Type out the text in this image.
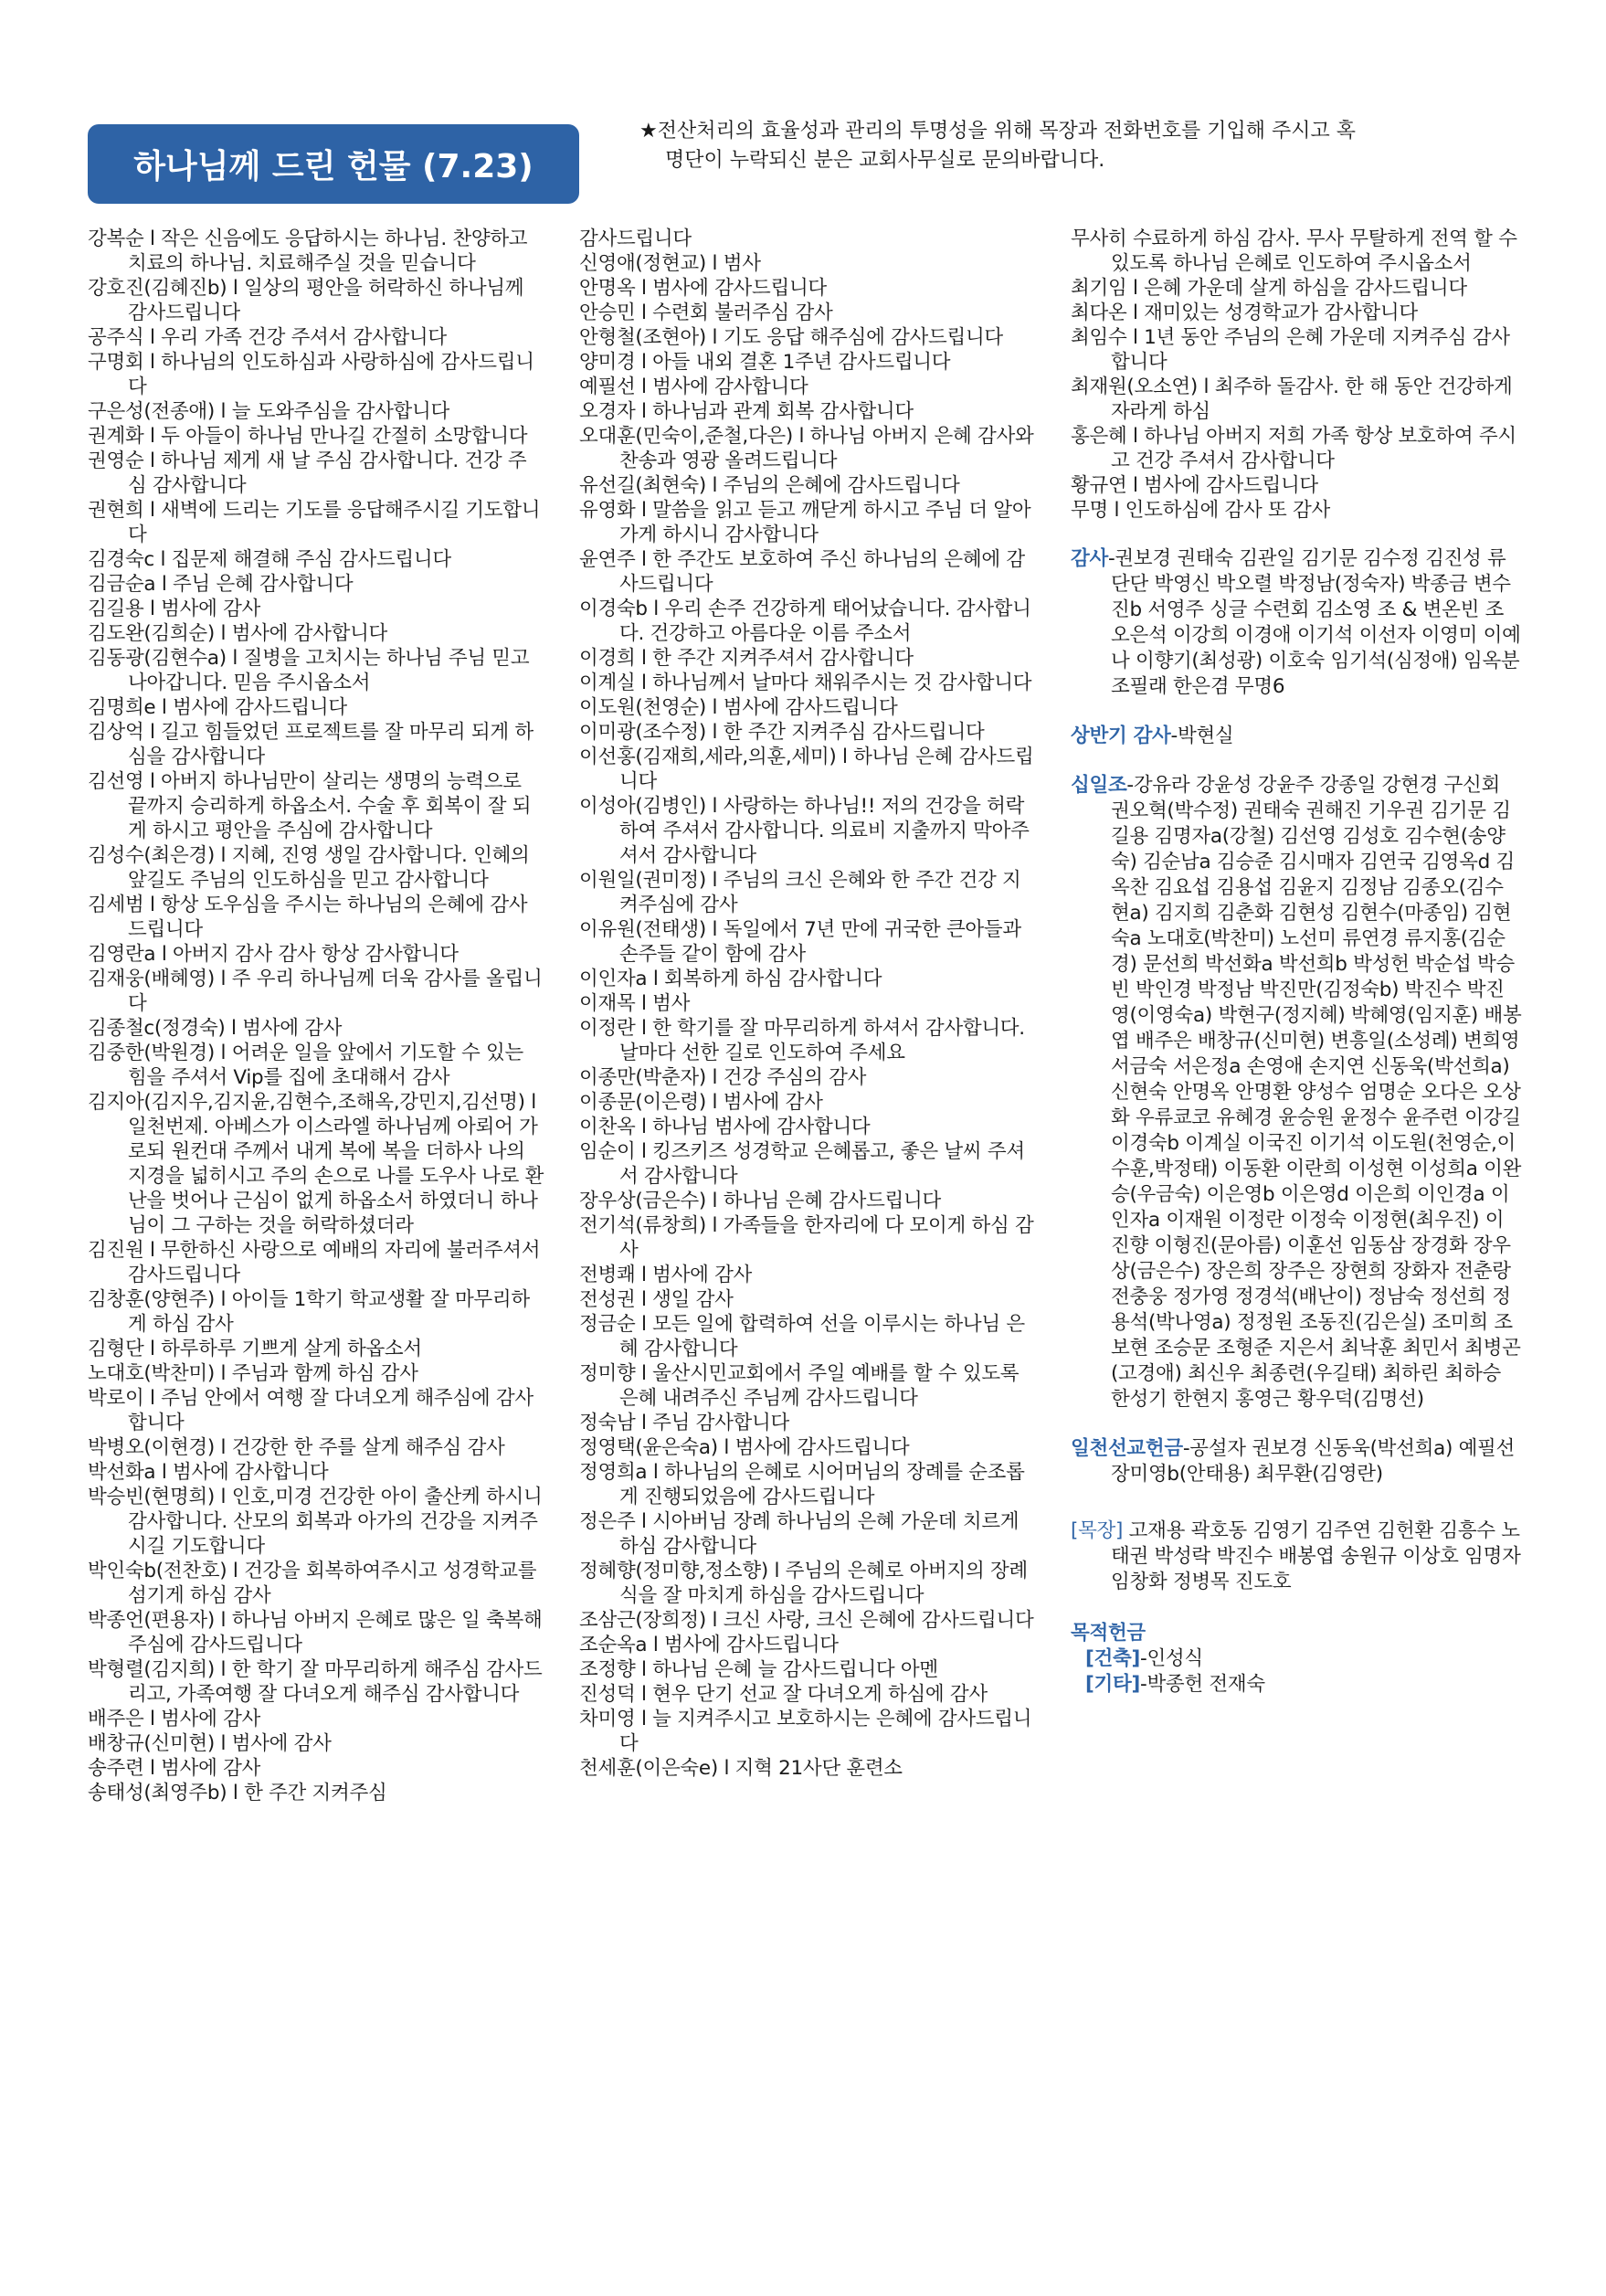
하나님께 드린 헌물 (7.23)
★전산처리의 효율성과 관리의 투명성을 위해 목장과 전화번호를 기입해 주시고 혹
명단이 누락되신 분은 교회사무실로 문의바랍니다.

강복순 l 작은 신음에도 응답하시는 하나님. 찬양하고 치료의 하나님. 치료해주실 것을 믿습니다

강호진(김혜진b) l 일상의 평안을 허락하신 하나님께 감사드립니다

공주식 l 우리 가족 건강 주셔서 감사합니다

구명회 l 하나님의 인도하심과 사랑하심에 감사드립니다

구은성(전종애) l 늘 도와주심을 감사합니다

권계화 l 두 아들이 하나님 만나길 간절히 소망합니다

권영순 l 하나님 제게 새 날 주심 감사합니다. 건강 주심 감사합니다

권현희 l 새벽에 드리는 기도를 응답해주시길 기도합니다

김경숙c l 집문제 해결해 주심 감사드립니다

김금순a l 주님 은혜 감사합니다

김길용 l 범사에 감사

김도완(김희순) l 범사에 감사합니다

김동광(김현수a) l 질병을 고치시는 하나님 주님 믿고 나아갑니다. 믿음 주시옵소서

김명희e l 범사에 감사드립니다

김상억 l 길고 힘들었던 프로젝트를 잘 마무리 되게 하심을 감사합니다

김선영 l 아버지 하나님만이 살리는 생명의 능력으로 끝까지 승리하게 하옵소서. 수술 후 회복이 잘 되게 하시고 평안을 주심에 감사합니다

김성수(최은경) l 지혜, 진영 생일 감사합니다. 인혜의 앞길도 주님의 인도하심을 믿고 감사합니다

김세범 l 항상 도우심을 주시는 하나님의 은혜에 감사드립니다

김영란a l 아버지 감사 감사 항상 감사합니다

김재웅(배혜영) l 주 우리 하나님께 더욱 감사를 올립니다

김종철c(정경숙) l 범사에 감사

김중한(박원경) l 어려운 일을 앞에서 기도할 수 있는 힘을 주셔서 Vip를 집에 초대해서 감사

김지아(김지우,김지윤,김현수,조해옥,강민지,김선명) l 일천번제. 아베스가 이스라엘 하나님께 아뢰어 가로되 원컨대 주께서 내게 복에 복을 더하사 나의 지경을 넓히시고 주의 손으로 나를 도우사 나로 환난을 벗어나 근심이 없게 하옵소서 하였더니 하나님이 그 구하는 것을 허락하셨더라

김진원 l 무한하신 사랑으로 예배의 자리에 불러주셔서 감사드립니다

김창훈(양현주) l 아이들 1학기 학교생활 잘 마무리하게 하심 감사

김형단 l 하루하루 기쁘게 살게 하옵소서

노대호(박찬미) l 주님과 함께 하심 감사

박로이 l 주님 안에서 여행 잘 다녀오게 해주심에 감사합니다

박병오(이현경) l 건강한 한 주를 살게 해주심 감사

박선화a l 범사에 감사합니다

박승빈(현명희) l 인호,미경 건강한 아이 출산케 하시니 감사합니다. 산모의 회복과 아가의 건강을 지켜주시길 기도합니다

박인숙b(전찬호) l 건강을 회복하여주시고 성경학교를 섬기게 하심 감사

박종언(편용자) l 하나님 아버지 은혜로 많은 일 축복해 주심에 감사드립니다

박형렬(김지희) l 한 학기 잘 마무리하게 해주심 감사드리고, 가족여행 잘 다녀오게 해주심 감사합니다

배주은 l 범사에 감사

배창규(신미현) l 범사에 감사

송주련 l 범사에 감사

송태성(최영주b) l 한 주간 지켜주심

감사드립니다

신영애(정현교) l 범사

안명옥 l 범사에 감사드립니다

안승민 l 수련회 불러주심 감사

안형철(조현아) l 기도 응답 해주심에 감사드립니다

양미경 l 아들 내외 결혼 1주년 감사드립니다

예필선 l 범사에 감사합니다

오경자 l 하나님과 관계 회복 감사합니다

오대훈(민숙이,준철,다은) l 하나님 아버지 은혜 감사와 찬송과 영광 올려드립니다

유선길(최현숙) l 주님의 은혜에 감사드립니다

유영화 l 말씀을 읽고 듣고 깨닫게 하시고 주님 더 알아가게 하시니 감사합니다

윤연주 l 한 주간도 보호하여 주신 하나님의 은혜에 감사드립니다

이경숙b l 우리 손주 건강하게 태어났습니다. 감사합니다. 건강하고 아름다운 이름 주소서

이경희 l 한 주간 지켜주셔서 감사합니다

이계실 l 하나님께서 날마다 채워주시는 것 감사합니다

이도원(천영순) l 범사에 감사드립니다

이미광(조수정) l 한 주간 지켜주심 감사드립니다

이선홍(김재희,세라,의훈,세미) l 하나님 은혜 감사드립니다

이성아(김병인) l 사랑하는 하나님!! 저의 건강을 허락하여 주셔서 감사합니다. 의료비 지출까지 막아주셔서 감사합니다

이원일(권미정) l 주님의 크신 은혜와 한 주간 건강 지켜주심에 감사

이유원(전태생) l 독일에서 7년 만에 귀국한 큰아들과 손주들 같이 함에 감사

이인자a l 회복하게 하심 감사합니다

이재목 l 범사

이정란 l 한 학기를 잘 마무리하게 하셔서 감사합니다. 날마다 선한 길로 인도하여 주세요

이종만(박춘자) l 건강 주심의 감사

이종문(이은령) l 범사에 감사

이찬옥 l 하나님 범사에 감사합니다

임순이 l 킹즈키즈 성경학교 은혜롭고, 좋은 날씨 주셔서 감사합니다

장우상(금은수) l 하나님 은혜 감사드립니다

전기석(류창희) l 가족들을 한자리에 다 모이게 하심 감사

전병쾌 l 범사에 감사

전성권 l 생일 감사

정금순 l 모든 일에 합력하여 선을 이루시는 하나님 은혜 감사합니다

정미향 l 울산시민교회에서 주일 예배를 할 수 있도록 은혜 내려주신 주님께 감사드립니다

정숙남 l 주님 감사합니다

정영택(윤은숙a) l 범사에 감사드립니다

정영희a l 하나님의 은혜로 시어머님의 장례를 순조롭게 진행되었음에 감사드립니다

정은주 l 시아버님 장례 하나님의 은혜 가운데 치르게 하심 감사합니다

정혜향(정미향,정소향) l 주님의 은혜로 아버지의 장례식을 잘 마치게 하심을 감사드립니다

조삼근(장희정) l 크신 사랑, 크신 은혜에 감사드립니다

조순옥a l 범사에 감사드립니다

조정향 l 하나님 은혜 늘 감사드립니다 아멘

진성덕 l 현우 단기 선교 잘 다녀오게 하심에 감사

차미영 l 늘 지켜주시고 보호하시는 은혜에 감사드립니다

천세훈(이은숙e) l 지혁 21사단 훈련소

무사히 수료하게 하심 감사. 무사 무탈하게 전역 할 수 있도록 하나님 은혜로 인도하여 주시옵소서

최기임 l 은혜 가운데 살게 하심을 감사드립니다

최다온 l 재미있는 성경학교가 감사합니다

최임수 l 1년 동안 주님의 은혜 가운데 지켜주심 감사합니다

최재원(오소연) l 최주하 돌감사. 한 해 동안 건강하게 자라게 하심

홍은혜 l 하나님 아버지 저희 가족 항상 보호하여 주시고 건강 주셔서 감사합니다

황규연 l 범사에 감사드립니다

무명 l 인도하심에 감사 또 감사

감사-권보경 권태숙 김관일 김기문 김수정 김진성 류단단 박영신 박오렬 박정남(정숙자) 박종금 변수진b 서영주 싱글 수련회 김소영 조 & 변온빈 조오은석 이강희 이경애 이기석 이선자 이영미 이예나 이향기(최성광) 이호숙 임기석(심정애) 임옥분 조필래 한은겸 무명6
상반기 감사-박현실
십일조-강유라 강윤성 강윤주 강종일 강현경 구신회 권오혁(박수정) 권태숙 권해진 기우권 김기문 김길용 김명자a(강철) 김선영 김성호 김수현(송양숙) 김순남a 김승준 김시매자 김연국 김영옥d 김옥찬 김요섭 김용섭 김윤지 김정남 김종오(김수현a) 김지희 김춘화 김현성 김현수(마종임) 김현숙a 노대호(박찬미) 노선미 류연경 류지홍(김순경) 문선희 박선화a 박선희b 박성헌 박순섭 박승빈 박인경 박정남 박진만(김정숙b) 박진수 박진영(이영숙a) 박현구(정지혜) 박혜영(임지훈) 배봉엽 배주은 배창규(신미현) 변흥일(소성례) 변희영 서금숙 서은정a 손영애 손지연 신동욱(박선희a) 신현숙 안명옥 안명환 양성수 엄명순 오다은 오상화 우류쿄코 유혜경 윤승원 윤정수 윤주련 이강길 이경숙b 이계실 이국진 이기석 이도원(천영순,이수훈,박정태) 이동환 이란희 이성현 이성희a 이완승(우금숙) 이은영b 이은영d 이은희 이인경a 이인자a 이재원 이정란 이정숙 이정현(최우진) 이진향 이형진(문아름) 이훈선 임동삼 장경화 장우상(금은수) 장은희 장주은 장현희 장화자 전춘랑 전충웅 정가영 정경석(배난이) 정남숙 정선희 정용석(박나영a) 정정원 조동진(김은실) 조미희 조보현 조승문 조형준 지은서 최낙훈 최민서 최병곤(고경애) 최신우 최종련(우길태) 최하린 최하승 한성기 한현지 홍영근 황우덕(김명선)
일천선교헌금-공설자 권보경 신동욱(박선희a) 예필선 장미영b(안태용) 최무환(김영란)
[목장] 고재용 곽호동 김영기 김주연 김헌환 김흥수 노태권 박성락 박진수 배봉엽 송원규 이상호 임명자 임창화 정병목 진도호
목적헌금
[건축]-인성식
[기타]-박종헌 전재숙
